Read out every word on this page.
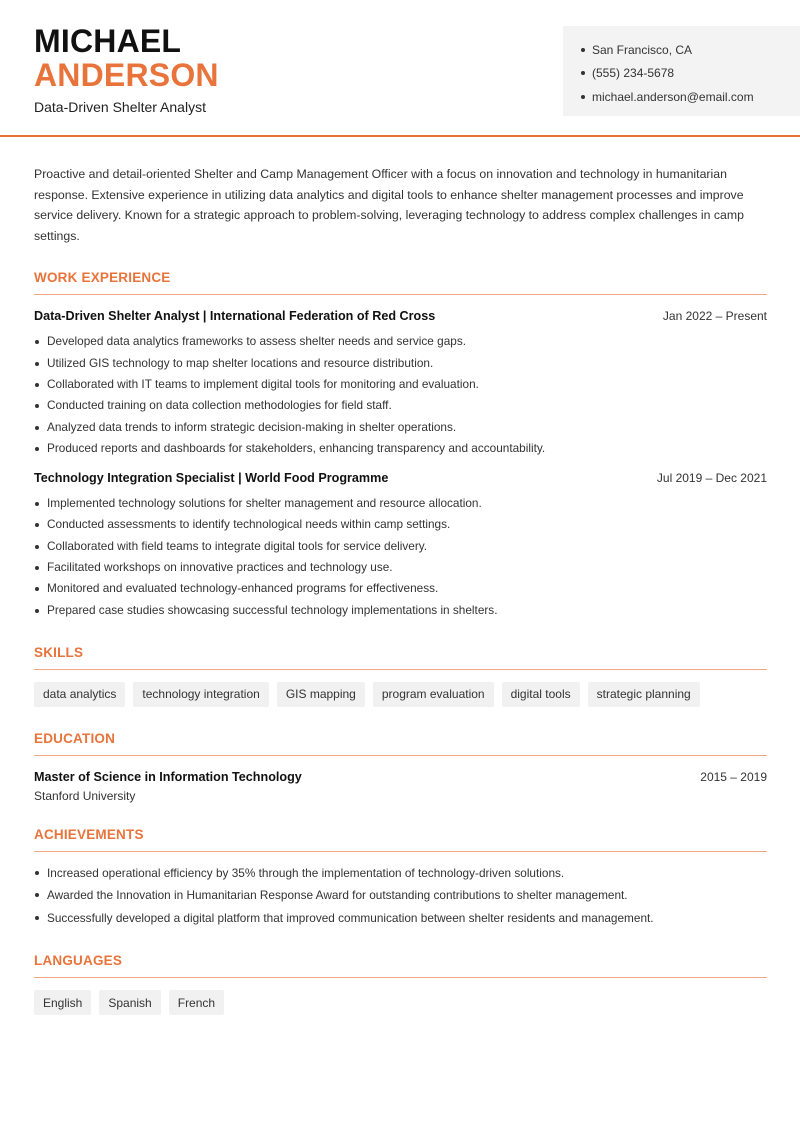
MICHAEL
ANDERSON
Data-Driven Shelter Analyst
San Francisco, CA
(555) 234-5678
michael.anderson@email.com

Proactive and detail-oriented Shelter and Camp Management Officer with a focus on innovation and technology in humanitarian response. Extensive experience in utilizing data analytics and digital tools to enhance shelter management processes and improve service delivery. Known for a strategic approach to problem-solving, leveraging technology to address complex challenges in camp settings.

WORK EXPERIENCE
Data-Driven Shelter Analyst | International Federation of Red Cross	Jan 2022 – Present
Developed data analytics frameworks to assess shelter needs and service gaps.
Utilized GIS technology to map shelter locations and resource distribution.
Collaborated with IT teams to implement digital tools for monitoring and evaluation.
Conducted training on data collection methodologies for field staff.
Analyzed data trends to inform strategic decision-making in shelter operations.
Produced reports and dashboards for stakeholders, enhancing transparency and accountability.
Technology Integration Specialist | World Food Programme	Jul 2019 – Dec 2021
Implemented technology solutions for shelter management and resource allocation.
Conducted assessments to identify technological needs within camp settings.
Collaborated with field teams to integrate digital tools for service delivery.
Facilitated workshops on innovative practices and technology use.
Monitored and evaluated technology-enhanced programs for effectiveness.
Prepared case studies showcasing successful technology implementations in shelters.
SKILLS
data analytics	technology integration	GIS mapping	program evaluation	digital tools	strategic planning
EDUCATION
Master of Science in Information Technology	2015 – 2019
Stanford University
ACHIEVEMENTS
Increased operational efficiency by 35% through the implementation of technology-driven solutions.
Awarded the Innovation in Humanitarian Response Award for outstanding contributions to shelter management.
Successfully developed a digital platform that improved communication between shelter residents and management.
LANGUAGES
English	Spanish	French
